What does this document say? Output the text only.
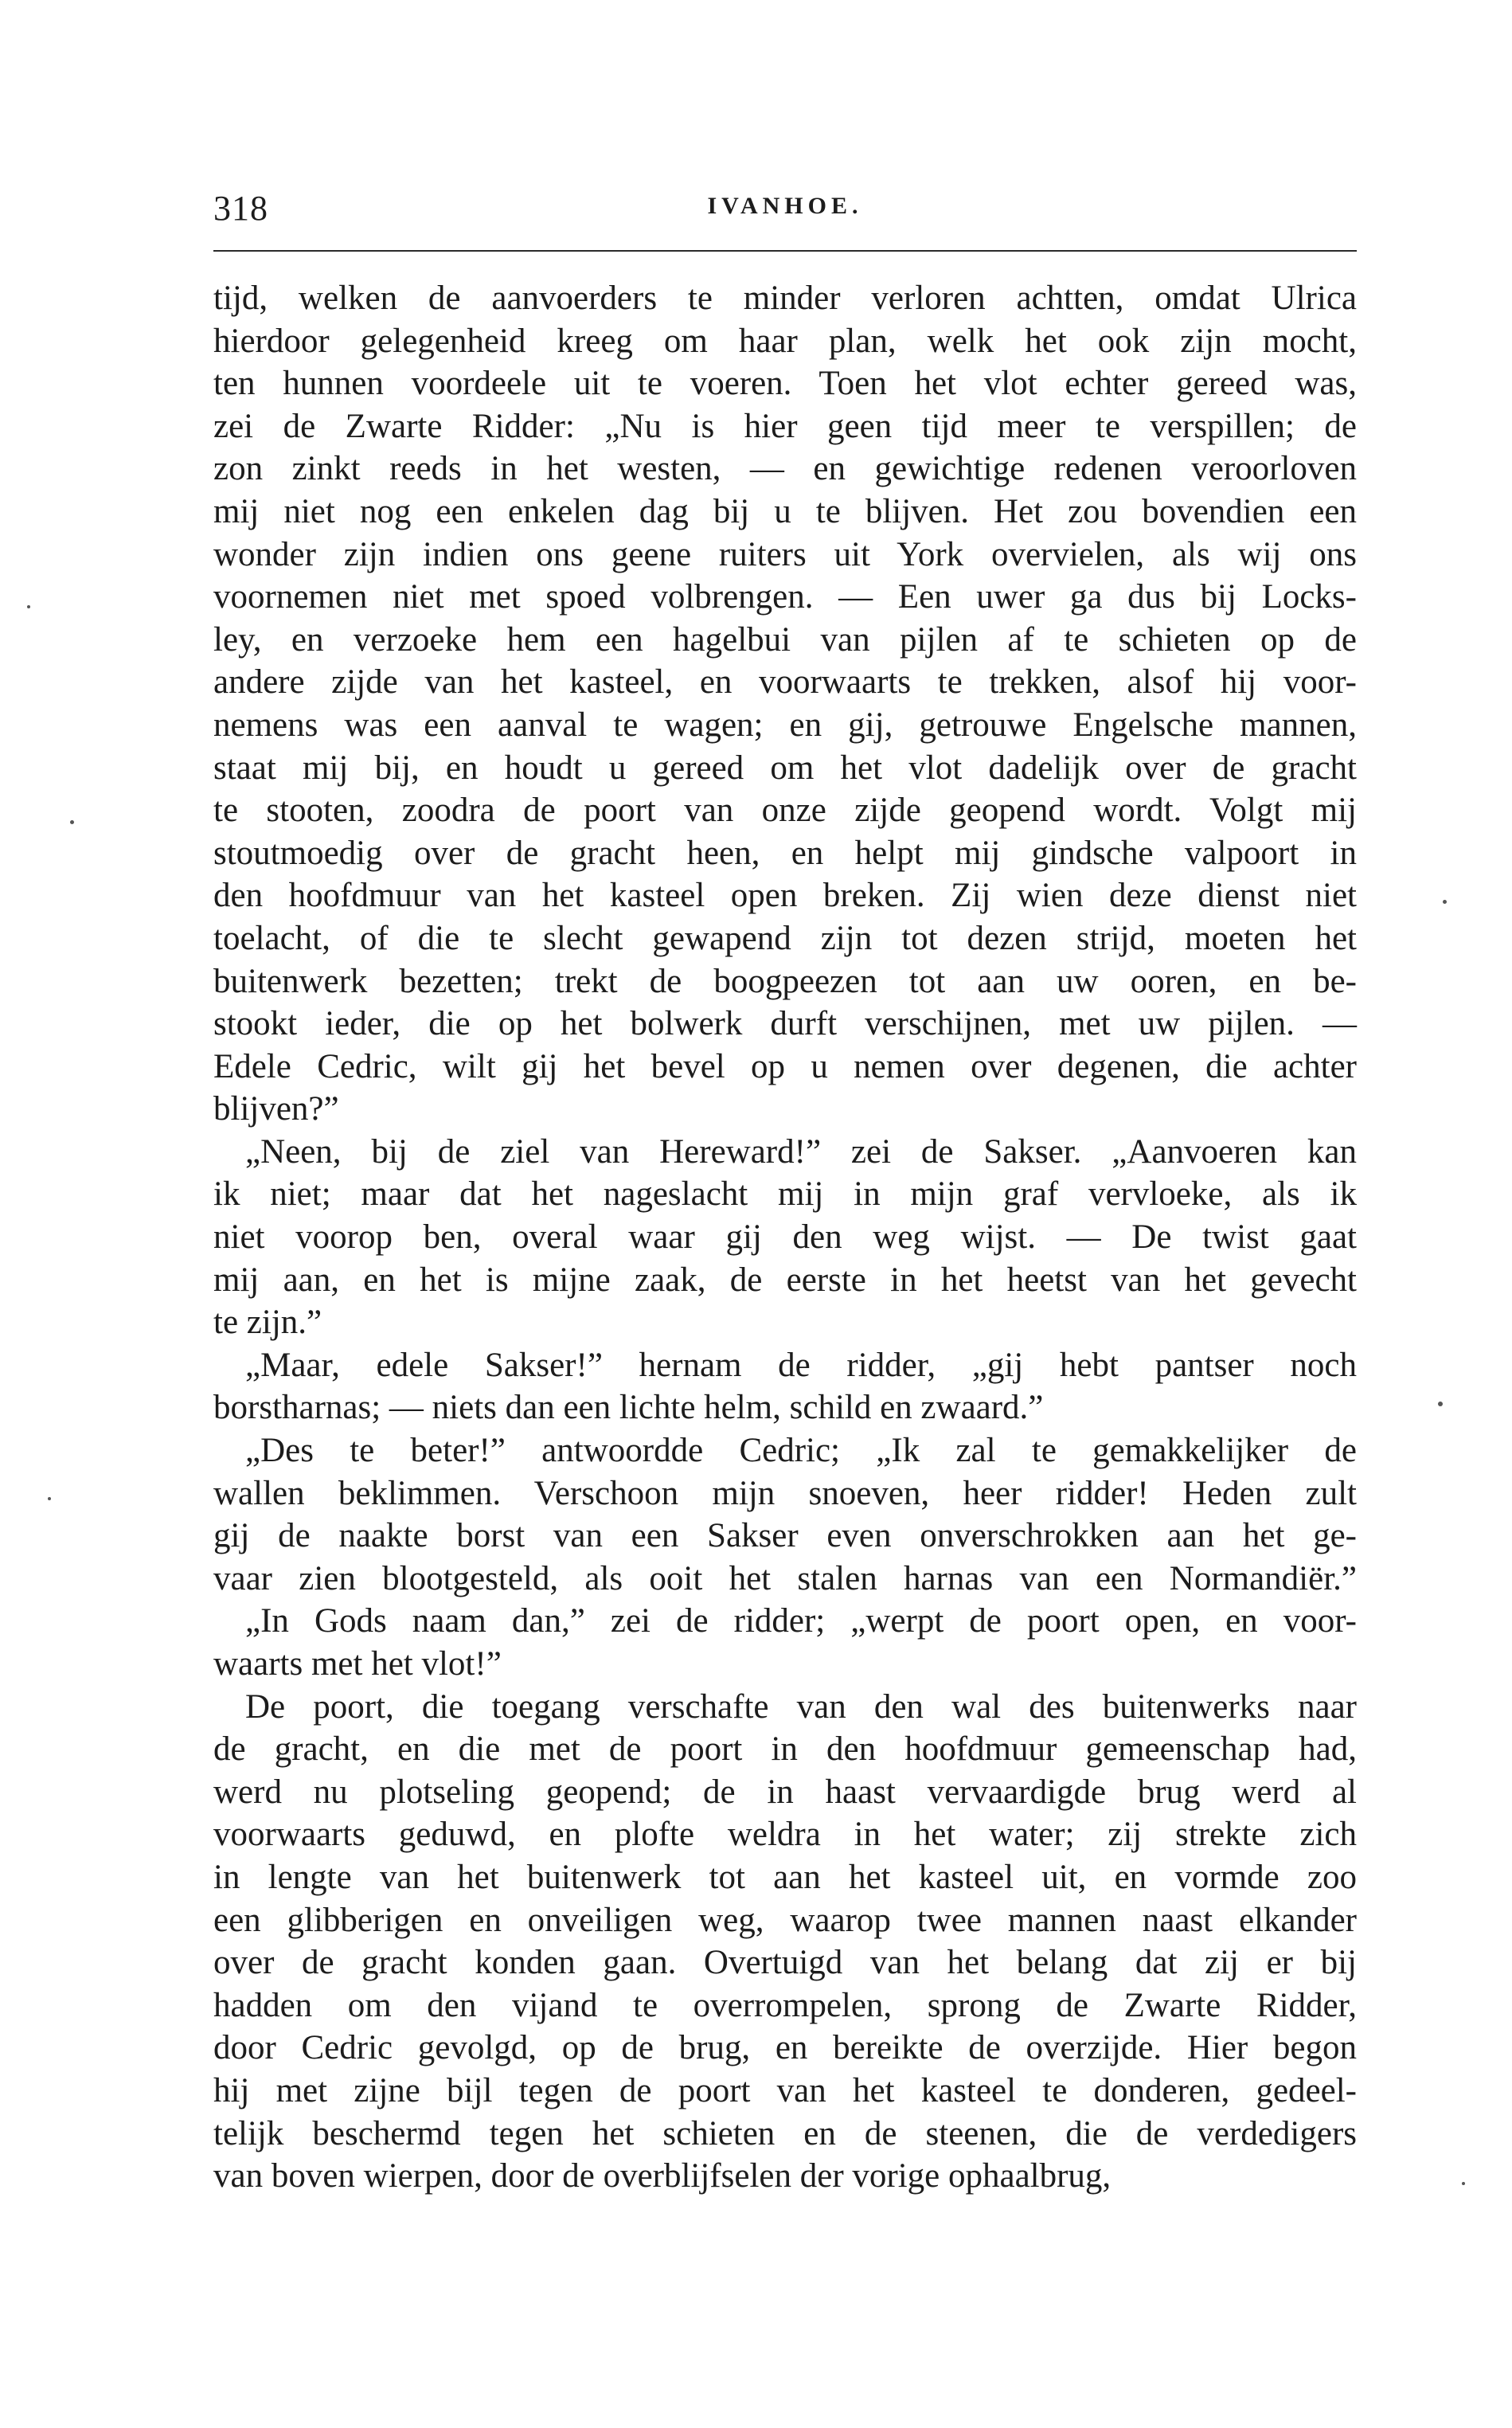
318	IVANHOE.
tijd, welken de aanvoerders te minder verloren achtten, omdat Ulrica
hierdoor gelegenheid kreeg om haar plan, welk het ook zijn mocht,
ten hunnen voordeele uit te voeren. Toen het vlot echter gereed was,
zei de Zwarte Ridder: „Nu is hier geen tijd meer te verspillen; de
zon zinkt reeds in het westen, — en gewichtige redenen veroorloven
mij niet nog een enkelen dag bij u te blijven. Het zou bovendien een
wonder zijn indien ons geene ruiters uit York overvielen, als wij ons
voornemen niet met spoed volbrengen. — Een uwer ga dus bij Locks-
ley, en verzoeke hem een hagelbui van pijlen af te schieten op de
andere zijde van het kasteel, en voorwaarts te trekken, alsof hij voor-
nemens was een aanval te wagen; en gij, getrouwe Engelsche mannen,
staat mij bij, en houdt u gereed om het vlot dadelijk over de gracht
te stooten, zoodra de poort van onze zijde geopend wordt. Volgt mij
stoutmoedig over de gracht heen, en helpt mij gindsche valpoort in
den hoofdmuur van het kasteel open breken. Zij wien deze dienst niet
toelacht, of die te slecht gewapend zijn tot dezen strijd, moeten het
buitenwerk bezetten; trekt de boogpeezen tot aan uw ooren, en be-
stookt ieder, die op het bolwerk durft verschijnen, met uw pijlen. —
Edele Cedric, wilt gij het bevel op u nemen over degenen, die achter
blijven?”
„Neen, bij de ziel van Hereward!” zei de Sakser. „Aanvoeren kan
ik niet; maar dat het nageslacht mij in mijn graf vervloeke, als ik
niet voorop ben, overal waar gij den weg wijst. — De twist gaat
mij aan, en het is mijne zaak, de eerste in het heetst van het gevecht
te zijn.”
„Maar, edele Sakser!” hernam de ridder, „gij hebt pantser noch
borstharnas; — niets dan een lichte helm, schild en zwaard.”
„Des te beter!” antwoordde Cedric; „Ik zal te gemakkelijker de
wallen beklimmen. Verschoon mijn snoeven, heer ridder! Heden zult
gij de naakte borst van een Sakser even onverschrokken aan het ge-
vaar zien blootgesteld, als ooit het stalen harnas van een Normandiër.”
„In Gods naam dan,” zei de ridder; „werpt de poort open, en voor-
waarts met het vlot!”
De poort, die toegang verschafte van den wal des buitenwerks naar
de gracht, en die met de poort in den hoofdmuur gemeenschap had,
werd nu plotseling geopend; de in haast vervaardigde brug werd al
voorwaarts geduwd, en plofte weldra in het water; zij strekte zich
in lengte van het buitenwerk tot aan het kasteel uit, en vormde zoo
een glibberigen en onveiligen weg, waarop twee mannen naast elkander
over de gracht konden gaan. Overtuigd van het belang dat zij er bij
hadden om den vijand te overrompelen, sprong de Zwarte Ridder,
door Cedric gevolgd, op de brug, en bereikte de overzijde. Hier begon
hij met zijne bijl tegen de poort van het kasteel te donderen, gedeel-
telijk beschermd tegen het schieten en de steenen, die de verdedigers
van boven wierpen, door de overblijfselen der vorige ophaalbrug,
